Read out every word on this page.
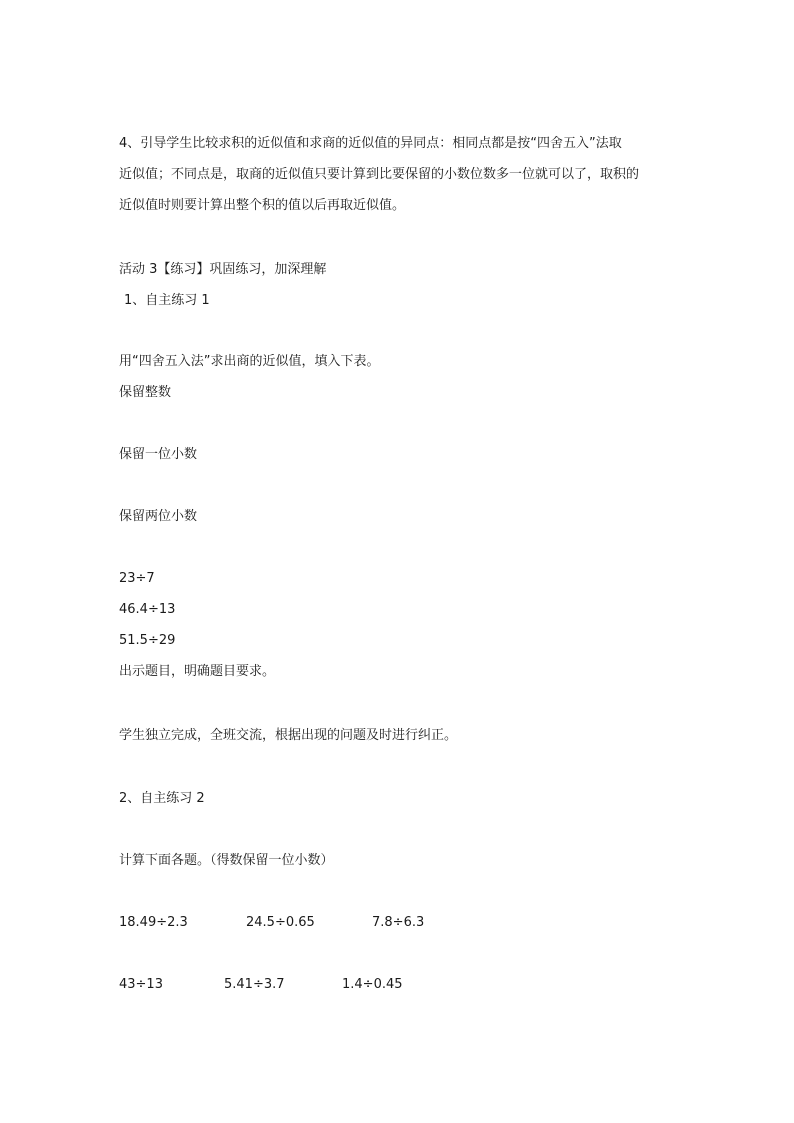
4、引导学生比较求积的近似值和求商的近似值的异同点：相同点都是按“四舍五入”法取
近似值；不同点是，取商的近似值只要计算到比要保留的小数位数多一位就可以了，取积的
近似值时则要计算出整个积的值以后再取近似值。
活动 3【练习】巩固练习，加深理解
1、自主练习 1
用“四舍五入法”求出商的近似值，填入下表。
保留整数
保留一位小数
保留两位小数
23÷7
46.4÷13
51.5÷29
出示题目，明确题目要求。
学生独立完成，全班交流，根据出现的问题及时进行纠正。
2、自主练习 2
计算下面各题。（得数保留一位小数）
18.49÷2.3	24.5÷0.65	7.8÷6.3
43÷13	5.41÷3.7	1.4÷0.45
